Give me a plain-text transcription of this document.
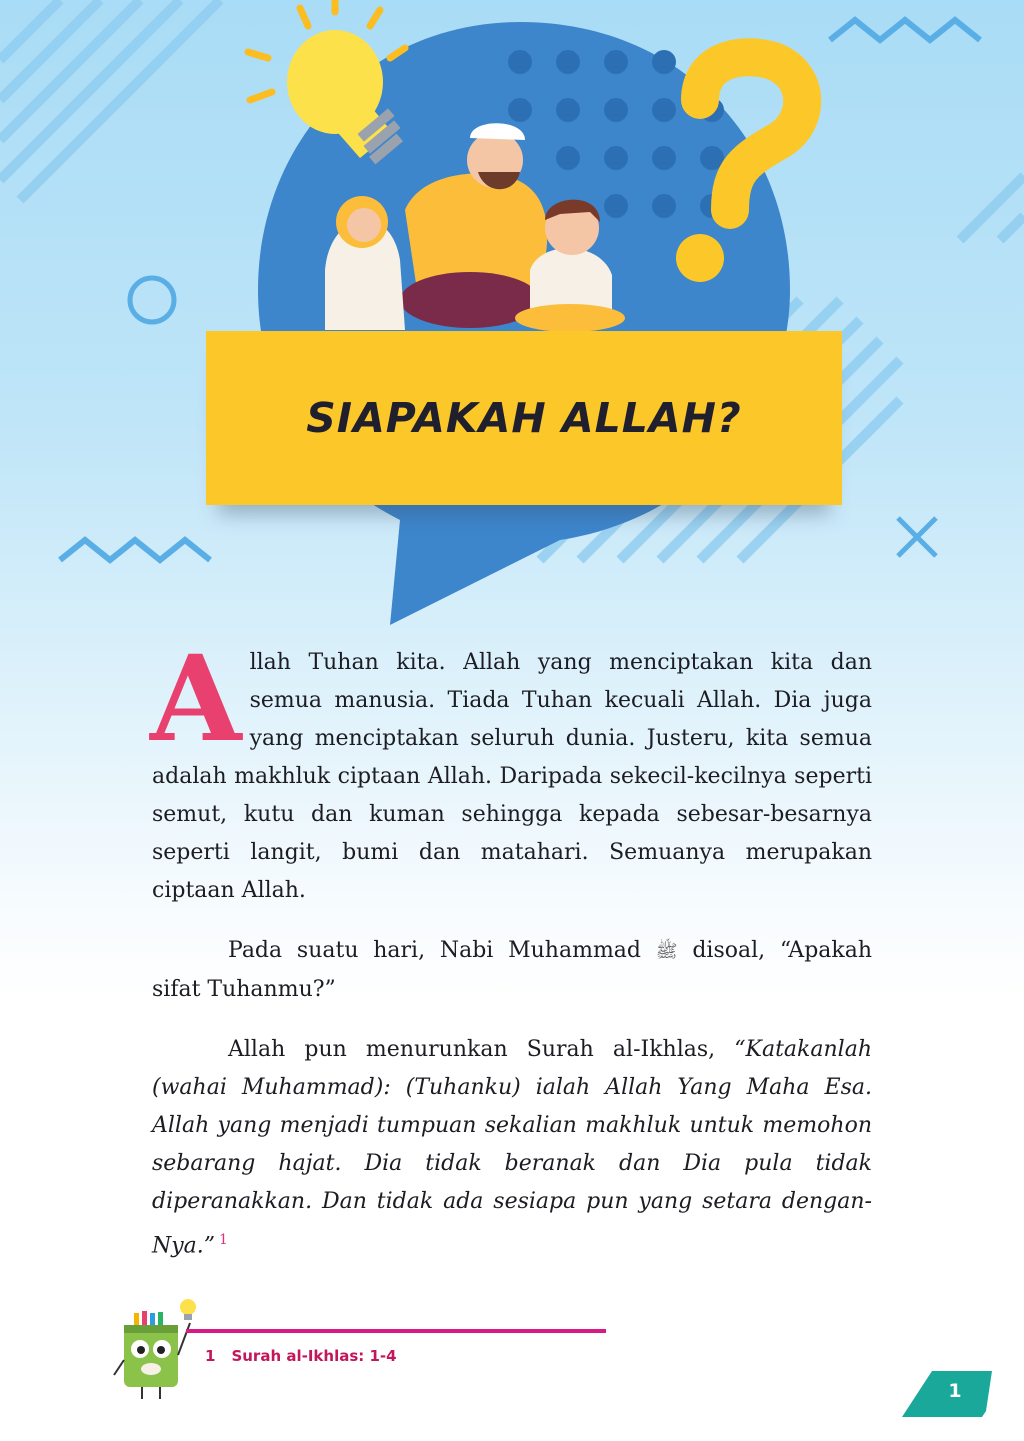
SIAPAKAH ALLAH?

Allah Tuhan kita. Allah yang menciptakan kita dan semua manusia. Tiada Tuhan kecuali Allah. Dia juga yang menciptakan seluruh dunia. Justeru, kita semua adalah makhluk ciptaan Allah. Daripada sekecil-kecilnya seperti semut, kutu dan kuman sehingga kepada sebesar-besarnya seperti langit, bumi dan matahari. Semuanya merupakan ciptaan Allah.

Pada suatu hari, Nabi Muhammad ﷺ disoal, “Apakah sifat Tuhanmu?”

Allah pun menurunkan Surah al-Ikhlas, “Katakanlah (wahai Muhammad): (Tuhanku) ialah Allah Yang Maha Esa. Allah yang menjadi tumpuan sekalian makhluk untuk memohon sebarang hajat. Dia tidak beranak dan Dia pula tidak diperanakkan. Dan tidak ada sesiapa pun yang setara dengan-Nya.” $^1$

1 Surah al-Ikhlas: 1-4
1
